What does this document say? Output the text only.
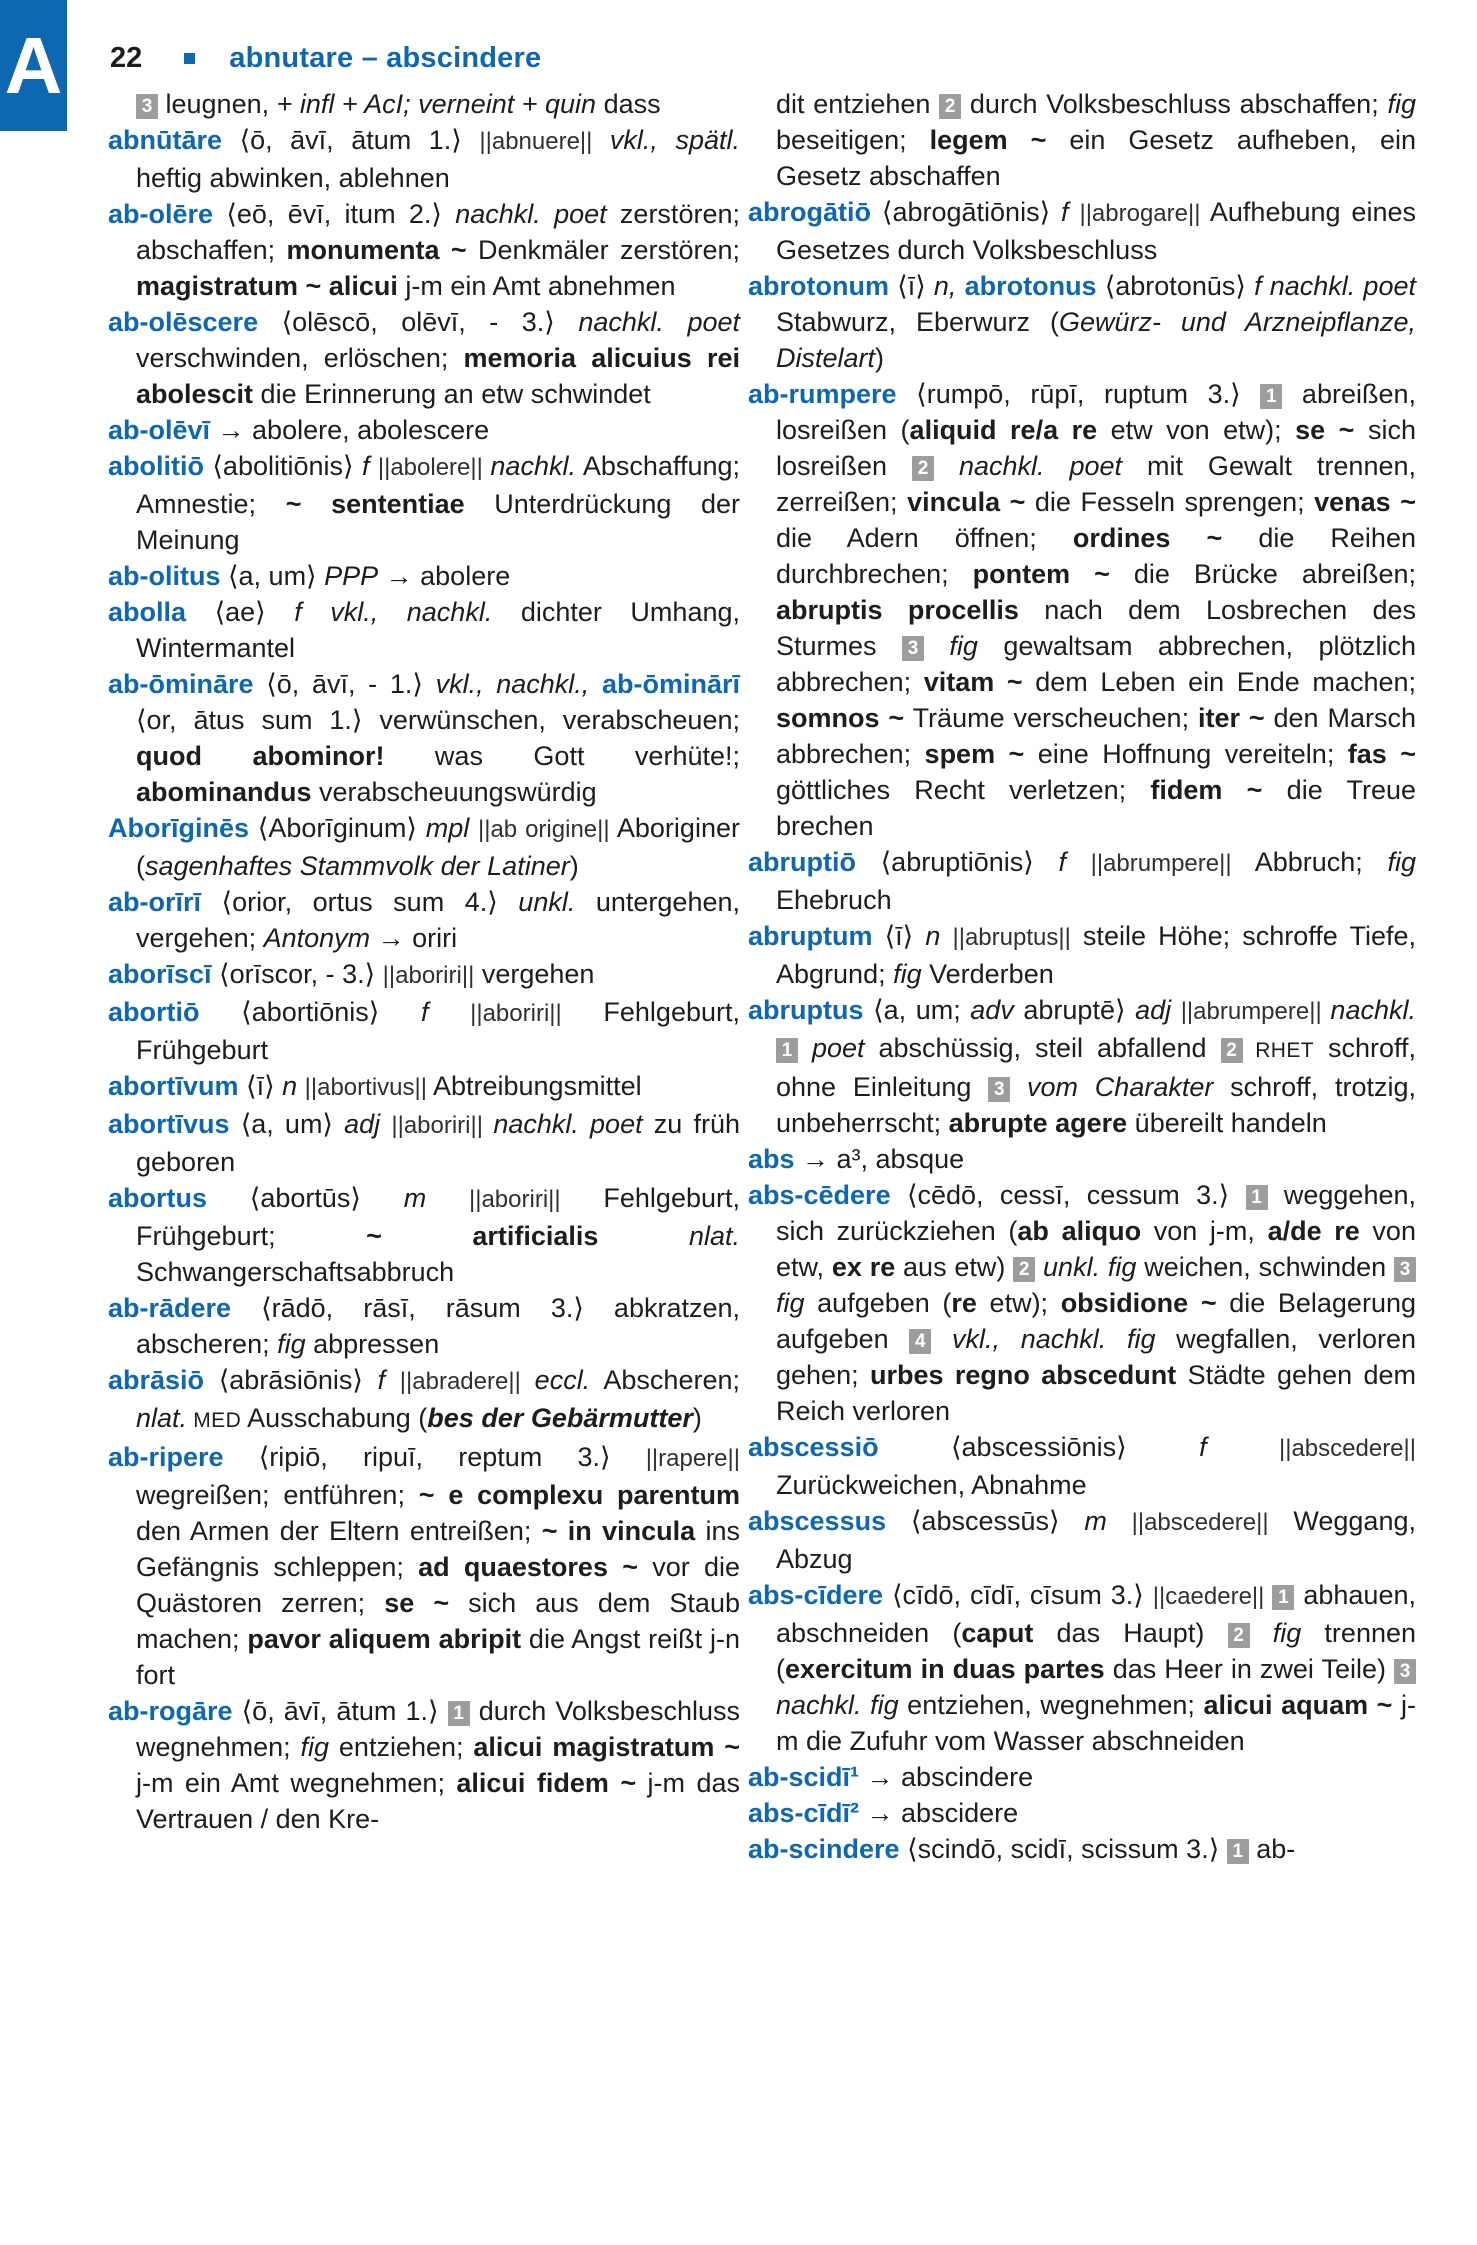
A 22	abnutare – abscindere

3 leugnen, + infl + AcI; verneint + quin dass

abnūtāre ⟨ō, āvī, ātum 1.⟩ ||abnuere|| vkl., spätl. heftig abwinken, ablehnen

ab-olēre ⟨eō, ēvī, itum 2.⟩ nachkl. poet zerstören; abschaffen; monumenta ~ Denkmäler zerstören; magistratum ~ alicui j-m ein Amt abnehmen

ab-olēscere ⟨olēscō, olēvī, - 3.⟩ nachkl. poet verschwinden, erlöschen; memoria alicuius rei abolescit die Erinnerung an etw schwindet

ab-olēvī → abolere, abolescere

abolitiō ⟨abolitiōnis⟩ f ||abolere|| nachkl. Abschaffung; Amnestie; ~ sententiae Unterdrückung der Meinung

ab-olitus ⟨a, um⟩ PPP → abolere

abolla ⟨ae⟩ f vkl., nachkl. dichter Umhang, Wintermantel

ab-ōmināre ⟨ō, āvī, - 1.⟩ vkl., nachkl., ab-ōminārī ⟨or, ātus sum 1.⟩ verwünschen, verabscheuen; quod abominor! was Gott verhüte!; abominandus verabscheuungswürdig

Aborīginēs ⟨Aborīginum⟩ mpl ||ab origine|| Aboriginer (sagenhaftes Stammvolk der Latiner)

ab-orīrī ⟨orior, ortus sum 4.⟩ unkl. untergehen, vergehen; Antonym → oriri

aborīscī ⟨orīscor, - 3.⟩ ||aboriri|| vergehen

abortiō ⟨abortiōnis⟩ f ||aboriri|| Fehlgeburt, Frühgeburt

abortīvum ⟨ī⟩ n ||abortivus|| Abtreibungsmittel

abortīvus ⟨a, um⟩ adj ||aboriri|| nachkl. poet zu früh geboren

abortus ⟨abortūs⟩ m ||aboriri|| Fehlgeburt, Frühgeburt; ~ artificialis nlat. Schwangerschaftsabbruch

ab-rādere ⟨rādō, rāsī, rāsum 3.⟩ abkratzen, abscheren; fig abpressen

abrāsiō ⟨abrāsiōnis⟩ f ||abradere|| eccl. Abscheren; nlat. MED Ausschabung (bes der Gebärmutter)

ab-ripere ⟨ripiō, ripuī, reptum 3.⟩ ||rapere|| wegreißen; entführen; ~ e complexu parentum den Armen der Eltern entreißen; ~ in vincula ins Gefängnis schleppen; ad quaestores ~ vor die Quästoren zerren; se ~ sich aus dem Staub machen; pavor aliquem abripit die Angst reißt j-n fort

ab-rogāre ⟨ō, āvī, ātum 1.⟩ 1 durch Volksbeschluss wegnehmen; fig entziehen; alicui magistratum ~ j-m ein Amt wegnehmen; alicui fidem ~ j-m das Vertrauen / den Kre-

dit entziehen 2 durch Volksbeschluss abschaffen; fig beseitigen; legem ~ ein Gesetz aufheben, ein Gesetz abschaffen

abrogātiō ⟨abrogātiōnis⟩ f ||abrogare|| Aufhebung eines Gesetzes durch Volksbeschluss

abrotonum ⟨ī⟩ n, abrotonus ⟨abrotonūs⟩ f nachkl. poet Stabwurz, Eberwurz (Gewürz- und Arzneipflanze, Distelart)

ab-rumpere ⟨rumpō, rūpī, ruptum 3.⟩ 1 abreißen, losreißen (aliquid re/a re etw von etw); se ~ sich losreißen 2 nachkl. poet mit Gewalt trennen, zerreißen; vincula ~ die Fesseln sprengen; venas ~ die Adern öffnen; ordines ~ die Reihen durchbrechen; pontem ~ die Brücke abreißen; abruptis procellis nach dem Losbrechen des Sturmes 3 fig gewaltsam abbrechen, plötzlich abbrechen; vitam ~ dem Leben ein Ende machen; somnos ~ Träume verscheuchen; iter ~ den Marsch abbrechen; spem ~ eine Hoffnung vereiteln; fas ~ göttliches Recht verletzen; fidem ~ die Treue brechen

abruptiō ⟨abruptiōnis⟩ f ||abrumpere|| Abbruch; fig Ehebruch

abruptum ⟨ī⟩ n ||abruptus|| steile Höhe; schroffe Tiefe, Abgrund; fig Verderben

abruptus ⟨a, um; adv abruptē⟩ adj ||abrumpere|| nachkl. 1 poet abschüssig, steil abfallend 2 RHET schroff, ohne Einleitung 3 vom Charakter schroff, trotzig, unbeherrscht; abrupte agere übereilt handeln

abs → a³, absque

abs-cēdere ⟨cēdō, cessī, cessum 3.⟩ 1 weggehen, sich zurückziehen (ab aliquo von j-m, a/de re von etw, ex re aus etw) 2 unkl. fig weichen, schwinden 3 fig aufgeben (re etw); obsidione ~ die Belagerung aufgeben 4 vkl., nachkl. fig wegfallen, verloren gehen; urbes regno abscedunt Städte gehen dem Reich verloren

abscessiō ⟨abscessiōnis⟩ f ||abscedere|| Zurückweichen, Abnahme

abscessus ⟨abscessūs⟩ m ||abscedere|| Weggang, Abzug

abs-cīdere ⟨cīdō, cīdī, cīsum 3.⟩ ||caedere|| 1 abhauen, abschneiden (caput das Haupt) 2 fig trennen (exercitum in duas partes das Heer in zwei Teile) 3 nachkl. fig entziehen, wegnehmen; alicui aquam ~ j-m die Zufuhr vom Wasser abschneiden

ab-scidī¹ → abscindere

abs-cīdī² → abscidere

ab-scindere ⟨scindō, scidī, scissum 3.⟩ 1 ab-
